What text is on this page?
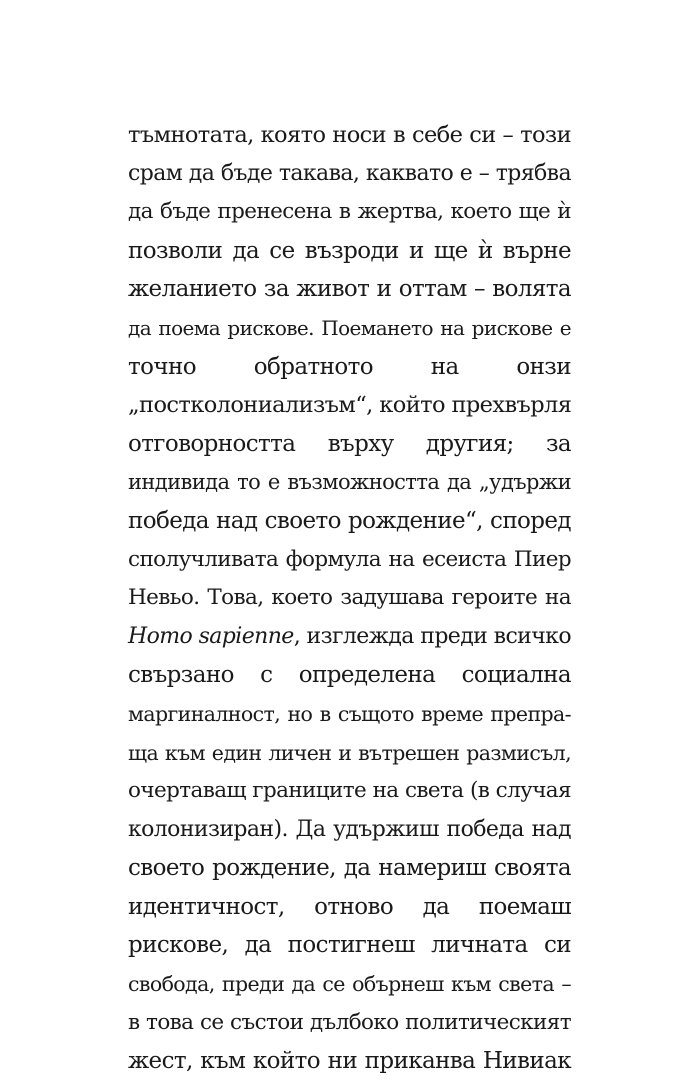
тъмнотата, която носи в себе си – този
срам да бъде такава, каквато е – трябва
да бъде пренесена в жертва, което ще ѝ
позволи да се възроди и ще ѝ върне
желанието за живот и оттам – волята
да поема рискове. Поемането на рискове е
точно обратното на онзи
„постколониализъм“, който прехвърля
отговорността върху другия; за
индивида то е възможността да „удържи
победа над своето рождение“, според
сполучливата формула на есеиста Пиер
Невьо. Това, което задушава героите на
Homo sapienne, изглежда преди всичко
свързано с определена социална
маргиналност, но в същото време препра-
ща към един личен и вътрешен размисъл,
очертаващ границите на света (в случая
колонизиран). Да удържиш победа над
своето рождение, да намериш своята
идентичност, отново да поемаш
рискове, да постигнеш личната си
свобода, преди да се обърнеш към света –
в това се състои дълбоко политическият
жест, към който ни приканва Нивиак
